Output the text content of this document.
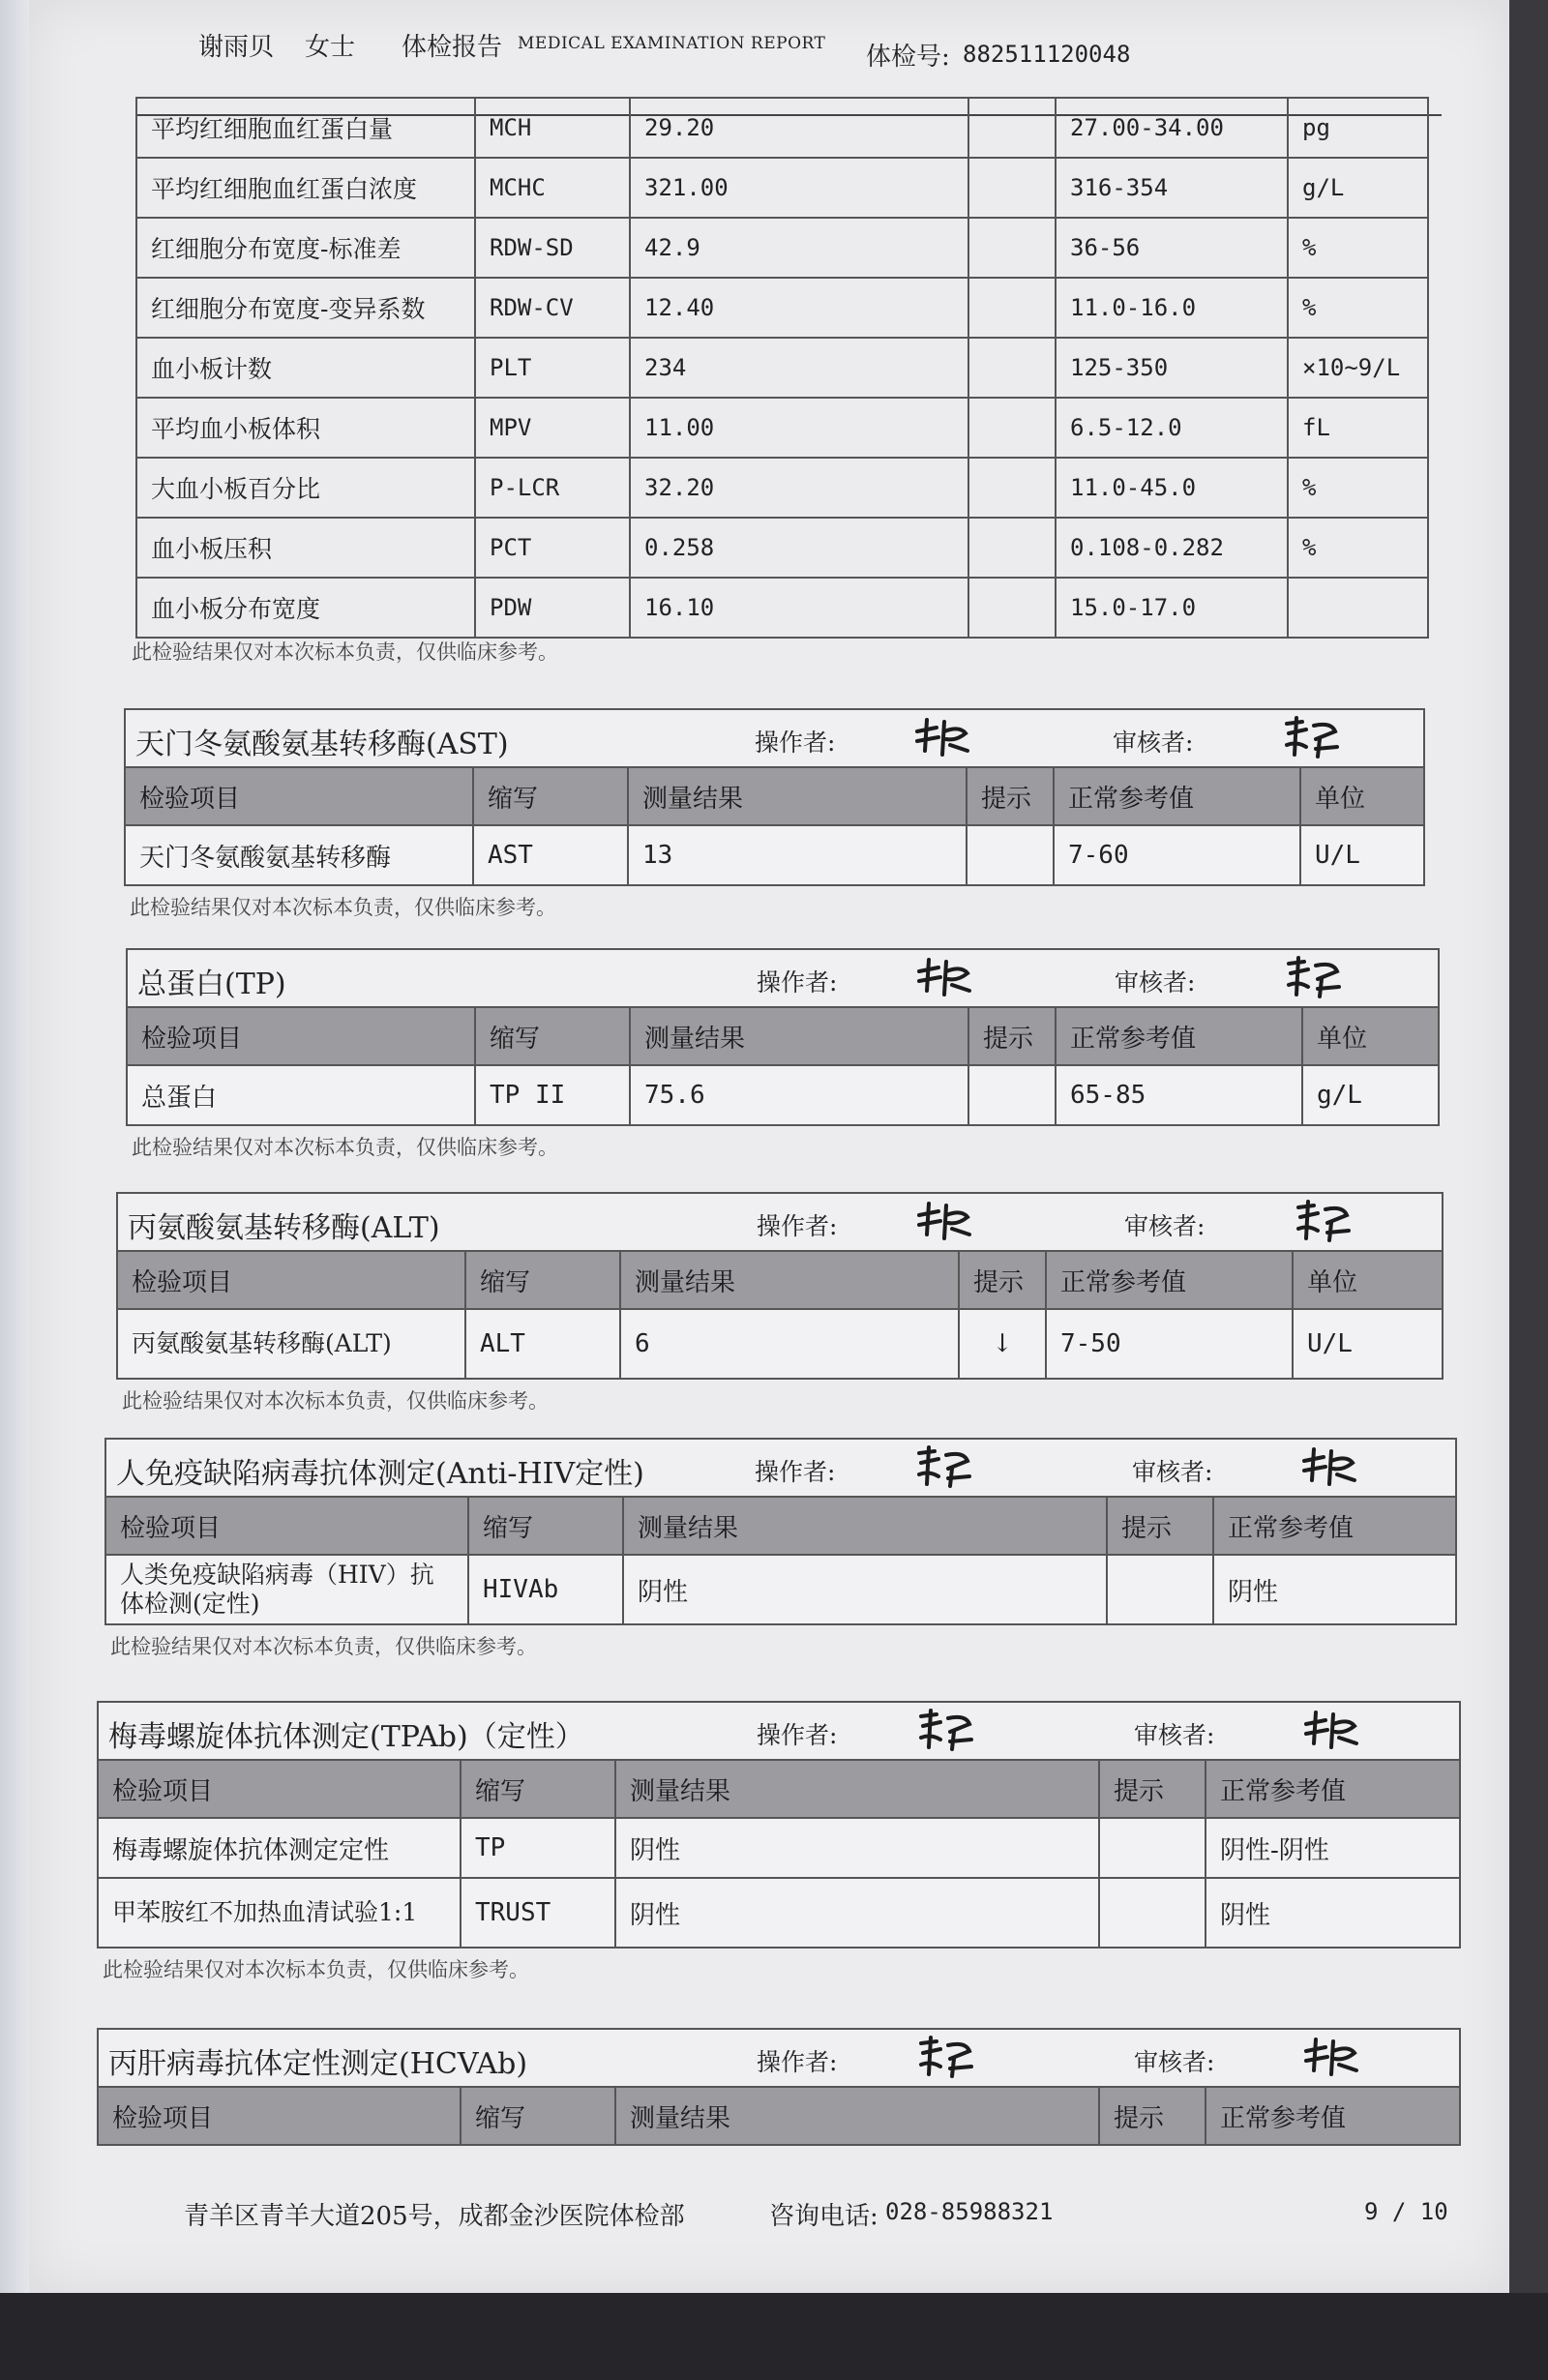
谢雨贝 女士 体检报告 MEDICAL EXAMINATION REPORT 体检号: 882511120048
平均红细胞血红蛋白量	MCH	29.20		27.00-34.00	pg
平均红细胞血红蛋白浓度	MCHC	321.00		316-354	g/L
红细胞分布宽度-标准差	RDW-SD	42.9		36-56	%
红细胞分布宽度-变异系数	RDW-CV	12.40		11.0-16.0	%
血小板计数	PLT	234		125-350	×10~9/L
平均血小板体积	MPV	11.00		6.5-12.0	fL
大血小板百分比	P-LCR	32.20		11.0-45.0	%
血小板压积	PCT	0.258		0.108-0.282	%
血小板分布宽度	PDW	16.10		15.0-17.0	
此检验结果仅对本次标本负责，仅供临床参考。
天门冬氨酸氨基转移酶(AST)	操作者:	审核者:
检验项目	缩写	测量结果	提示	正常参考值	单位
天门冬氨酸氨基转移酶	AST	13		7-60	U/L
此检验结果仅对本次标本负责，仅供临床参考。
总蛋白(TP)	操作者:	审核者:
检验项目	缩写	测量结果	提示	正常参考值	单位
总蛋白	TP II	75.6		65-85	g/L
此检验结果仅对本次标本负责，仅供临床参考。
丙氨酸氨基转移酶(ALT)	操作者:	审核者:
检验项目	缩写	测量结果	提示	正常参考值	单位
丙氨酸氨基转移酶(ALT)	ALT	6	↓	7-50	U/L
此检验结果仅对本次标本负责，仅供临床参考。
人免疫缺陷病毒抗体测定(Anti-HIV定性)	操作者:	审核者:
检验项目	缩写	测量结果	提示	正常参考值
人类免疫缺陷病毒（HIV）抗体检测(定性)	HIVAb	阴性		阴性
此检验结果仅对本次标本负责，仅供临床参考。
梅毒螺旋体抗体测定(TPAb)（定性）	操作者:	审核者:
检验项目	缩写	测量结果	提示	正常参考值
梅毒螺旋体抗体测定定性	TP	阴性		阴性-阴性
甲苯胺红不加热血清试验1:1	TRUST	阴性		阴性
此检验结果仅对本次标本负责，仅供临床参考。
丙肝病毒抗体定性测定(HCVAb)	操作者:	审核者:
检验项目	缩写	测量结果	提示	正常参考值
青羊区青羊大道205号，成都金沙医院体检部	咨询电话: 028-85988321	9 / 10
